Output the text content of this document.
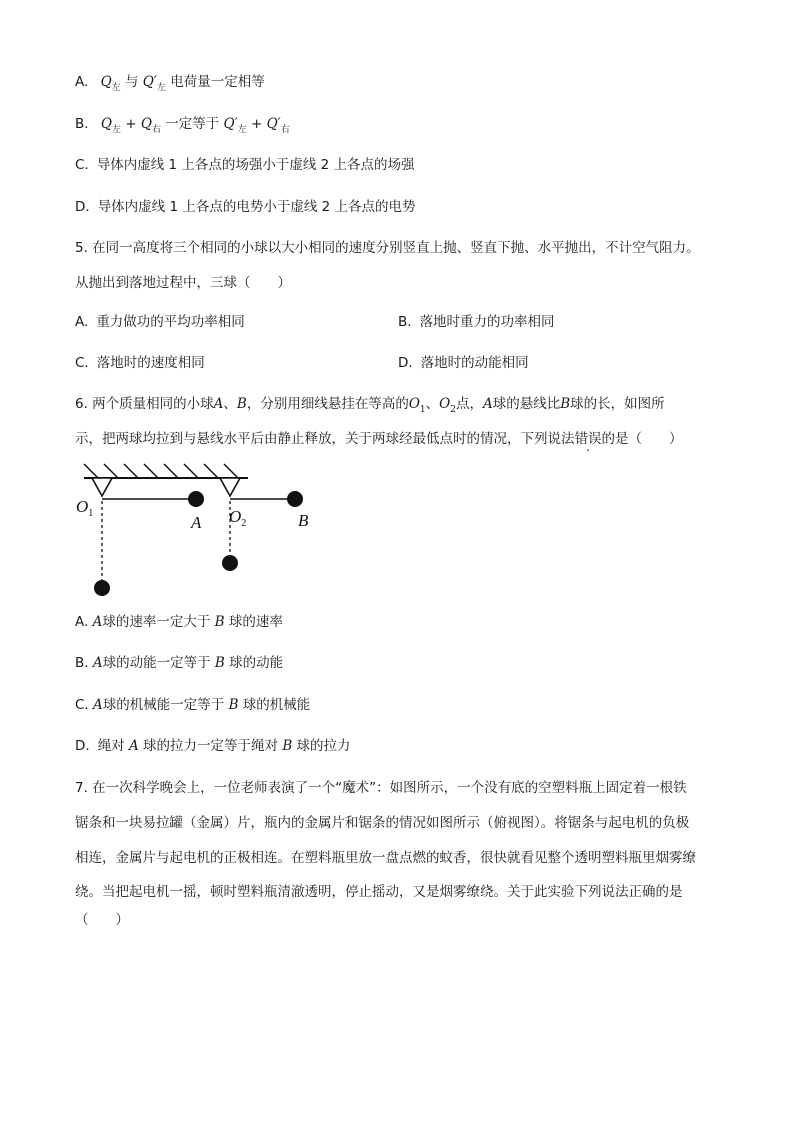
A. $Q_左$ 与 $Q'_左$ 电荷量一定相等
B. $Q_左 + Q_右$ 一定等于 $Q'_左 + Q'_右$
C. 导体内虚线 1 上各点的场强小于虚线 2 上各点的场强
D. 导体内虚线 1 上各点的电势小于虚线 2 上各点的电势
5. 在同一高度将三个相同的小球以大小相同的速度分别竖直上抛、竖直下抛、水平抛出，不计空气阻力。
从抛出到落地过程中，三球（　　）
A. 重力做功的平均功率相同	B. 落地时重力的功率相同
C. 落地时的速度相同	D. 落地时的动能相同
6. 两个质量相同的小球A、B，分别用细线悬挂在等高的$O_1$、$O_2$点，A球的悬线比B球的长，如图所
示，把两球均拉到与悬线水平后由静止释放，关于两球经最低点时的情况，下列说法错误的是（　　）
$O_1$	A $O_2$	B
A. A球的速率一定大于 B 球的速率
B. A球的动能一定等于 B 球的动能
C. A球的机械能一定等于 B 球的机械能
D. 绳对 A 球的拉力一定等于绳对 B 球的拉力
7. 在一次科学晚会上，一位老师表演了一个“魔术”：如图所示，一个没有底的空塑料瓶上固定着一根铁
锯条和一块易拉罐（金属）片，瓶内的金属片和锯条的情况如图所示（俯视图）。将锯条与起电机的负极
相连，金属片与起电机的正极相连。在塑料瓶里放一盘点燃的蚊香，很快就看见整个透明塑料瓶里烟雾缭
绕。当把起电机一摇，顿时塑料瓶清澈透明，停止摇动，又是烟雾缭绕。关于此实验下列说法正确的是
（　　）
